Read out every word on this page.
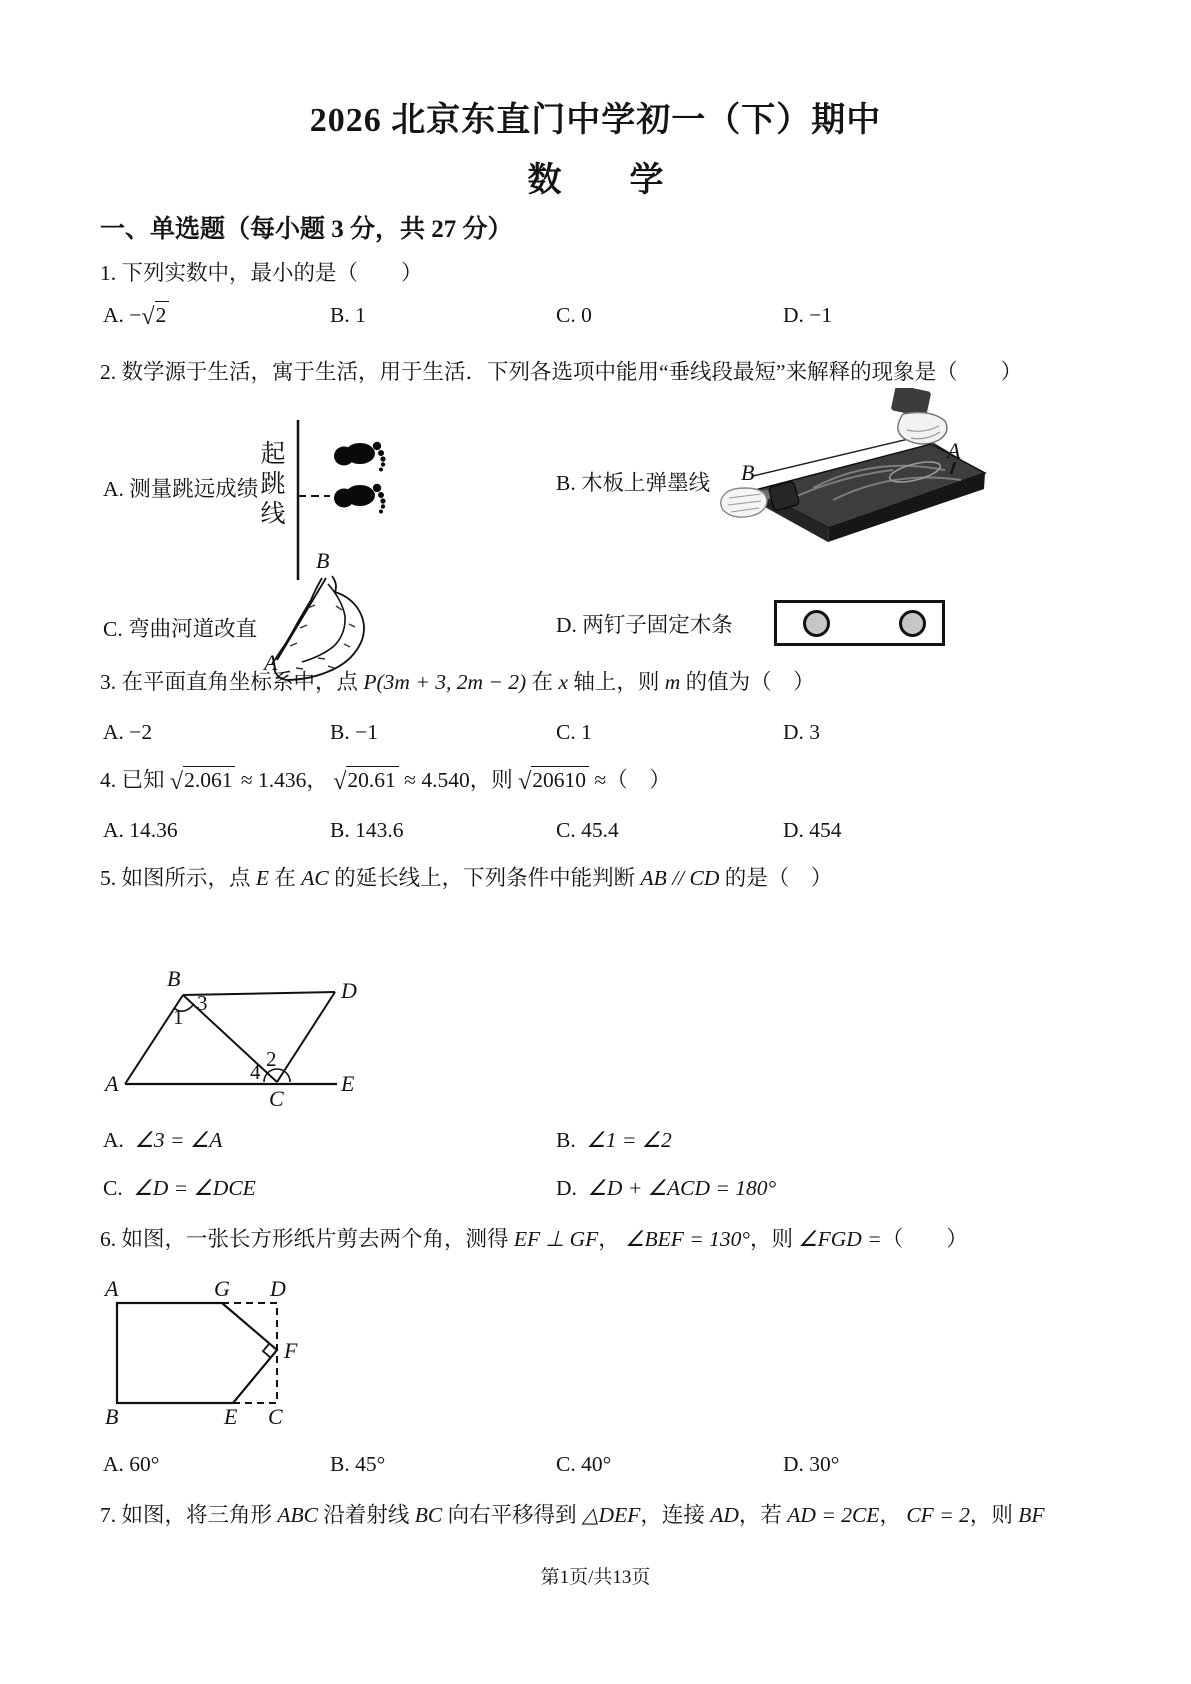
2026 北京东直门中学初一（下）期中
数　　学
一、单选题（每小题 3 分，共 27 分）
1. 下列实数中，最小的是（　　）
A. −√2	B. 1	C. 0	D. −1
2. 数学源于生活，寓于生活，用于生活．下列各选项中能用“垂线段最短”来解释的现象是（　　）
A. 测量跳远成绩
起跳线	B. 木板上弹墨线 B
A
C. 弯曲河道改直
B
A
D. 两钉子固定木条
3. 在平面直角坐标系中，点 P(3m + 3, 2m − 2) 在 x 轴上，则 m 的值为（　）
A. −2	B. −1	C. 1	D. 3
4. 已知 √2.061 ≈ 1.436， √20.61 ≈ 4.540，则 √20610 ≈（　）
A. 14.36	B. 143.6	C. 45.4	D. 454
5. 如图所示，点 E 在 AC 的延长线上，下列条件中能判断 AB // CD 的是（　）
B	D
A
C
E
1
3
4
2
A. ∠3 = ∠A	B. ∠1 = ∠2
C. ∠D = ∠DCE	D. ∠D + ∠ACD = 180°
6. 如图，一张长方形纸片剪去两个角，测得 EF ⊥ GF， ∠BEF = 130°，则 ∠FGD =（　　）
A	G D
B	E C
F
A. 60°	B. 45°	C. 40°	D. 30°
7. 如图，将三角形 ABC 沿着射线 BC 向右平移得到 △DEF，连接 AD，若 AD = 2CE， CF = 2，则 BF
第1页/共13页
